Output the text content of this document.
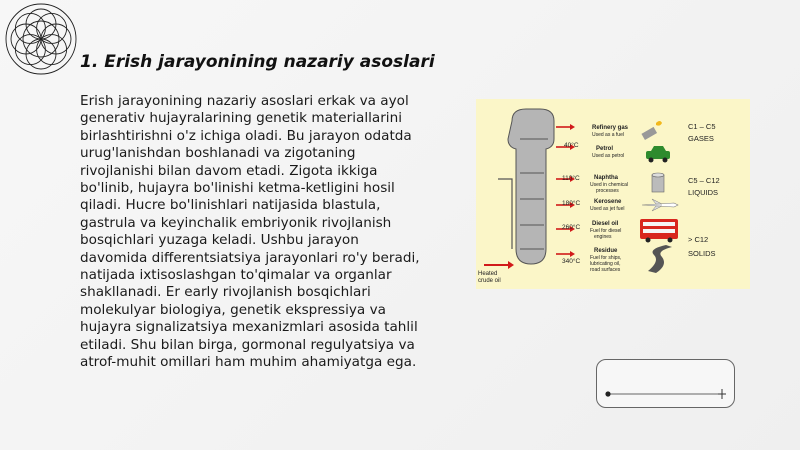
1. Erish jarayonining nazariy asoslari
Erish jarayonining nazariy asoslari erkak va ayol generativ hujayralarining genetik materiallarini birlashtirishni o'z ichiga oladi. Bu jarayon odatda urug'lanishdan boshlanadi va zigotaning rivojlanishi bilan davom etadi. Zigota ikkiga bo'linib, hujayra bo'linishi ketma-ketligini hosil qiladi. Hucre bo'linishlari natijasida blastula, gastrula va keyinchalik embriyonik rivojlanish bosqichlari yuzaga keladi. Ushbu jarayon davomida differentsiatsiya jarayonlari ro'y beradi, natijada ixtisoslashgan to'qimalar va organlar shakllanadi. Er early rivojlanish bosqichlari molekulyar biologiya, genetik ekspressiya va hujayra signalizatsiya mexanizmlari asosida tahlil etiladi. Shu bilan birga, gormonal regulyatsiya va atrof-muhit omillari ham muhim ahamiyatga ega.
Heated
crude oil
40°C
110°C
180°C
260°C
340°C
Refinery gas
Used as a fuel
Petrol
Used as petrol
Naphtha
Used in chemical
processes
Kerosene
Used as jet fuel
Diesel oil
Fuel for diesel
engines
Residue
Fuel for ships,
lubricating oil,
road surfaces
C1 – C5
GASES
C5 – C12
LIQUIDS
> C12
SOLIDS
